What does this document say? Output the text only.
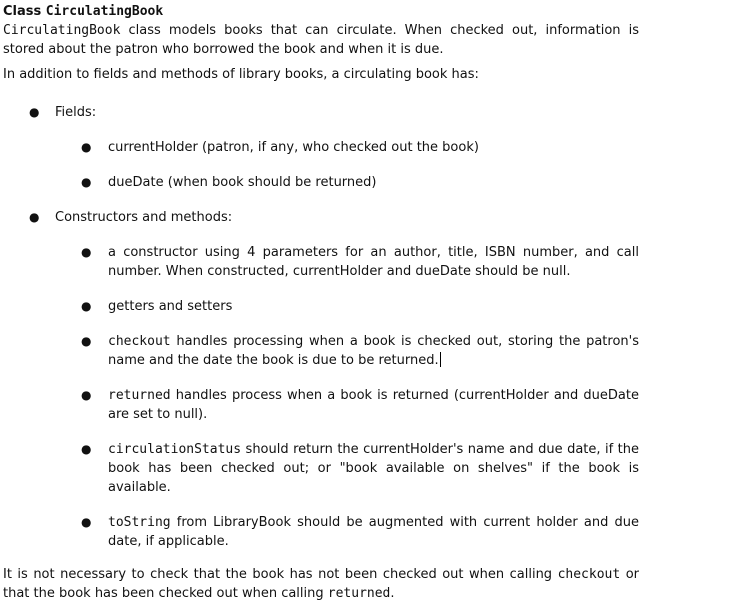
Class CirculatingBook

CirculatingBook class models books that can circulate. When checked out, information is stored about the patron who borrowed the book and when it is due.

In addition to fields and methods of library books, a circulating book has:

● Fields:
● currentHolder (patron, if any, who checked out the book)
● dueDate (when book should be returned)
● Constructors and methods:
● a constructor using 4 parameters for an author, title, ISBN number, and call number. When constructed, currentHolder and dueDate should be null.
● getters and setters
● checkout handles processing when a book is checked out, storing the patron's name and the date the book is due to be returned.
● returned handles process when a book is returned (currentHolder and dueDate are set to null).
● circulationStatus should return the currentHolder's name and due date, if the book has been checked out; or "book available on shelves" if the book is available.
● toString from LibraryBook should be augmented with current holder and due date, if applicable.

It is not necessary to check that the book has not been checked out when calling checkout or that the book has been checked out when calling returned.
